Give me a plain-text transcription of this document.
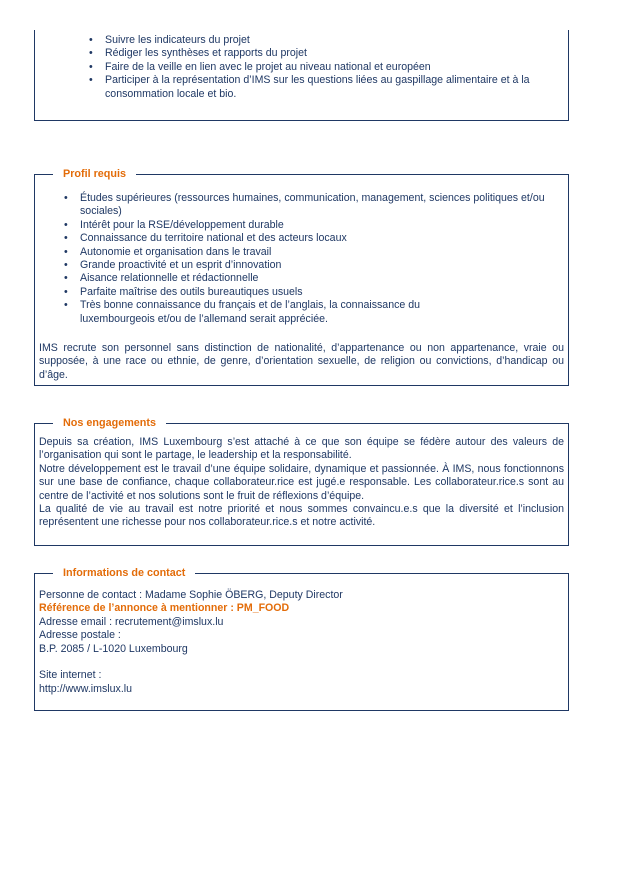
• Suivre les indicateurs du projet
• Rédiger les synthèses et rapports du projet
• Faire de la veille en lien avec le projet au niveau national et européen
• Participer à la représentation d’IMS sur les questions liées au gaspillage alimentaire et à la consommation locale et bio.
Profil requis
• Études supérieures (ressources humaines, communication, management, sciences politiques et/ou sociales)
• Intérêt pour la RSE/développement durable
• Connaissance du territoire national et des acteurs locaux
• Autonomie et organisation dans le travail
• Grande proactivité et un esprit d’innovation
• Aisance relationnelle et rédactionnelle
• Parfaite maîtrise des outils bureautiques usuels
• Très bonne connaissance du français et de l’anglais, la connaissance du luxembourgeois et/ou de l’allemand serait appréciée.
IMS recrute son personnel sans distinction de nationalité, d’appartenance ou non appartenance, vraie ou supposée, à une race ou ethnie, de genre, d’orientation sexuelle, de religion ou convictions, d’handicap ou d’âge.
Nos engagements
Depuis sa création, IMS Luxembourg s’est attaché à ce que son équipe se fédère autour des valeurs de l’organisation qui sont le partage, le leadership et la responsabilité.
Notre développement est le travail d’une équipe solidaire, dynamique et passionnée. À IMS, nous fonctionnons sur une base de confiance, chaque collaborateur.rice est jugé.e responsable. Les collaborateur.rice.s sont au centre de l’activité et nos solutions sont le fruit de réflexions d’équipe.
La qualité de vie au travail est notre priorité et nous sommes convaincu.e.s que la diversité et l’inclusion représentent une richesse pour nos collaborateur.rice.s et notre activité.
Informations de contact
Personne de contact : Madame Sophie ÖBERG, Deputy Director
Référence de l’annonce à mentionner : PM_FOOD
Adresse email : recrutement@imslux.lu
Adresse postale :
B.P. 2085 / L-1020 Luxembourg
Site internet :
http://www.imslux.lu
